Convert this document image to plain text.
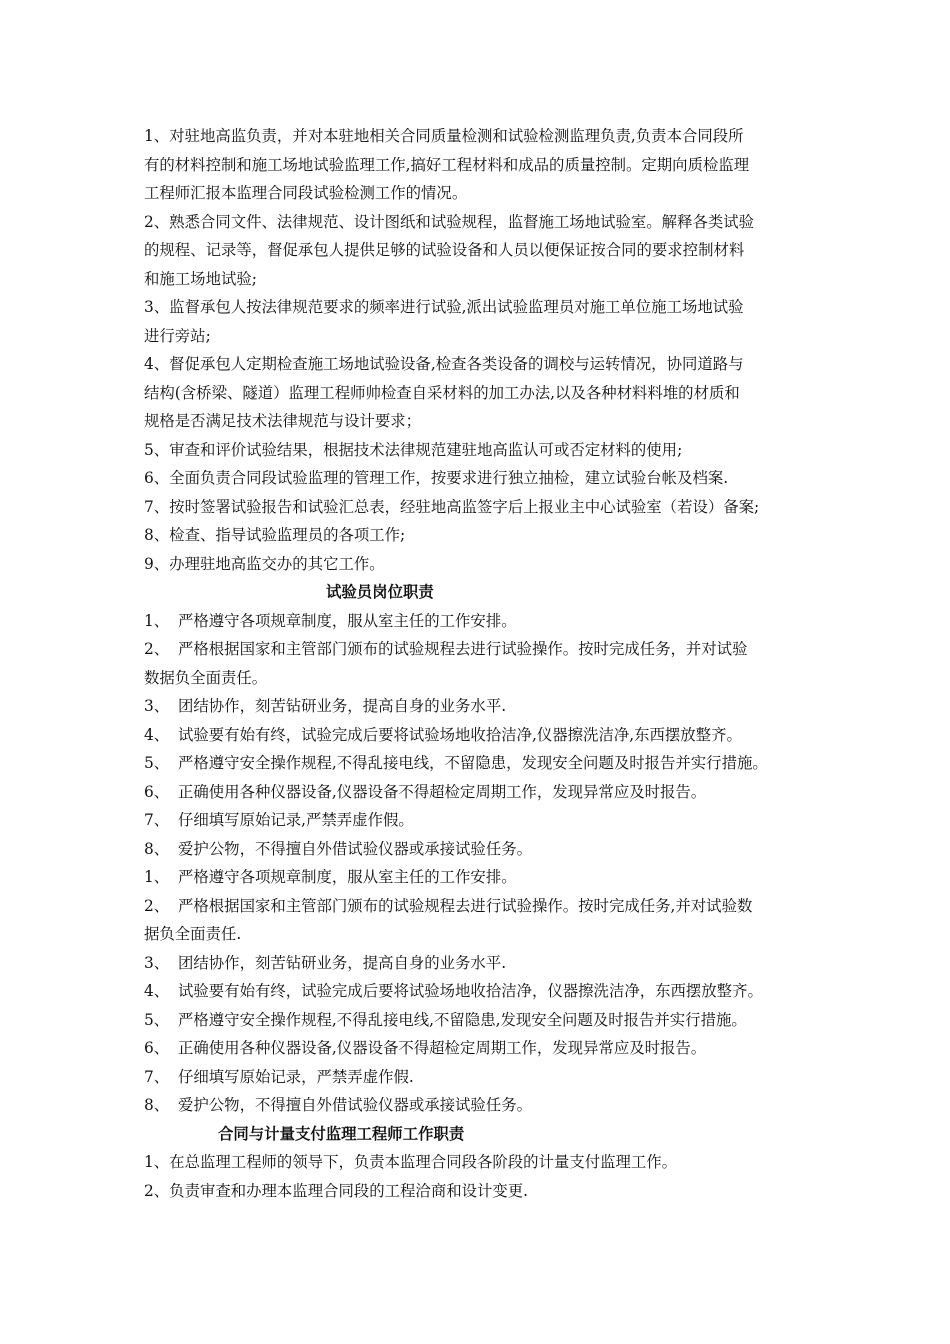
1、对驻地高监负责，并对本驻地相关合同质量检测和试验检测监理负责,负责本合同段所
有的材料控制和施工场地试验监理工作,搞好工程材料和成品的质量控制。定期向质检监理
工程师汇报本监理合同段试验检测工作的情况。
2、熟悉合同文件、法律规范、设计图纸和试验规程，监督施工场地试验室。解释各类试验
的规程、记录等，督促承包人提供足够的试验设备和人员以便保证按合同的要求控制材料
和施工场地试验;
3、监督承包人按法律规范要求的频率进行试验,派出试验监理员对施工单位施工场地试验
进行旁站;
4、督促承包人定期检查施工场地试验设备,检查各类设备的调校与运转情况，协同道路与
结构(含桥梁、隧道）监理工程师帅检查自采材料的加工办法,以及各种材料料堆的材质和
规格是否满足技术法律规范与设计要求；
5、审查和评价试验结果，根据技术法律规范建驻地高监认可或否定材料的使用;
6、全面负责合同段试验监理的管理工作，按要求进行独立抽检，建立试验台帐及档案.
7、按时签署试验报告和试验汇总表，经驻地高监签字后上报业主中心试验室（若设）备案;
8、检查、指导试验监理员的各项工作;
9、办理驻地高监交办的其它工作。
试验员岗位职责
1、 严格遵守各项规章制度，服从室主任的工作安排。
2、 严格根据国家和主管部门颁布的试验规程去进行试验操作。按时完成任务，并对试验
数据负全面责任。
3、 团结协作，刻苦钻研业务，提高自身的业务水平.
4、 试验要有始有终，试验完成后要将试验场地收拾洁净,仪器擦洗洁净,东西摆放整齐。
5、 严格遵守安全操作规程,不得乱接电线，不留隐患，发现安全问题及时报告并实行措施。
6、 正确使用各种仪器设备,仪器设备不得超检定周期工作，发现异常应及时报告。
7、 仔细填写原始记录,严禁弄虚作假。
8、 爱护公物，不得擅自外借试验仪器或承接试验任务。
1、 严格遵守各项规章制度，服从室主任的工作安排。
2、 严格根据国家和主管部门颁布的试验规程去进行试验操作。按时完成任务,并对试验数
据负全面责任.
3、 团结协作，刻苦钻研业务，提高自身的业务水平.
4、 试验要有始有终，试验完成后要将试验场地收拾洁净，仪器擦洗洁净，东西摆放整齐。
5、 严格遵守安全操作规程,不得乱接电线,不留隐患,发现安全问题及时报告并实行措施。
6、 正确使用各种仪器设备,仪器设备不得超检定周期工作，发现异常应及时报告。
7、 仔细填写原始记录，严禁弄虚作假.
8、 爱护公物，不得擅自外借试验仪器或承接试验任务。
合同与计量支付监理工程师工作职责
1、在总监理工程师的领导下，负责本监理合同段各阶段的计量支付监理工作。
2、负责审查和办理本监理合同段的工程洽商和设计变更.
